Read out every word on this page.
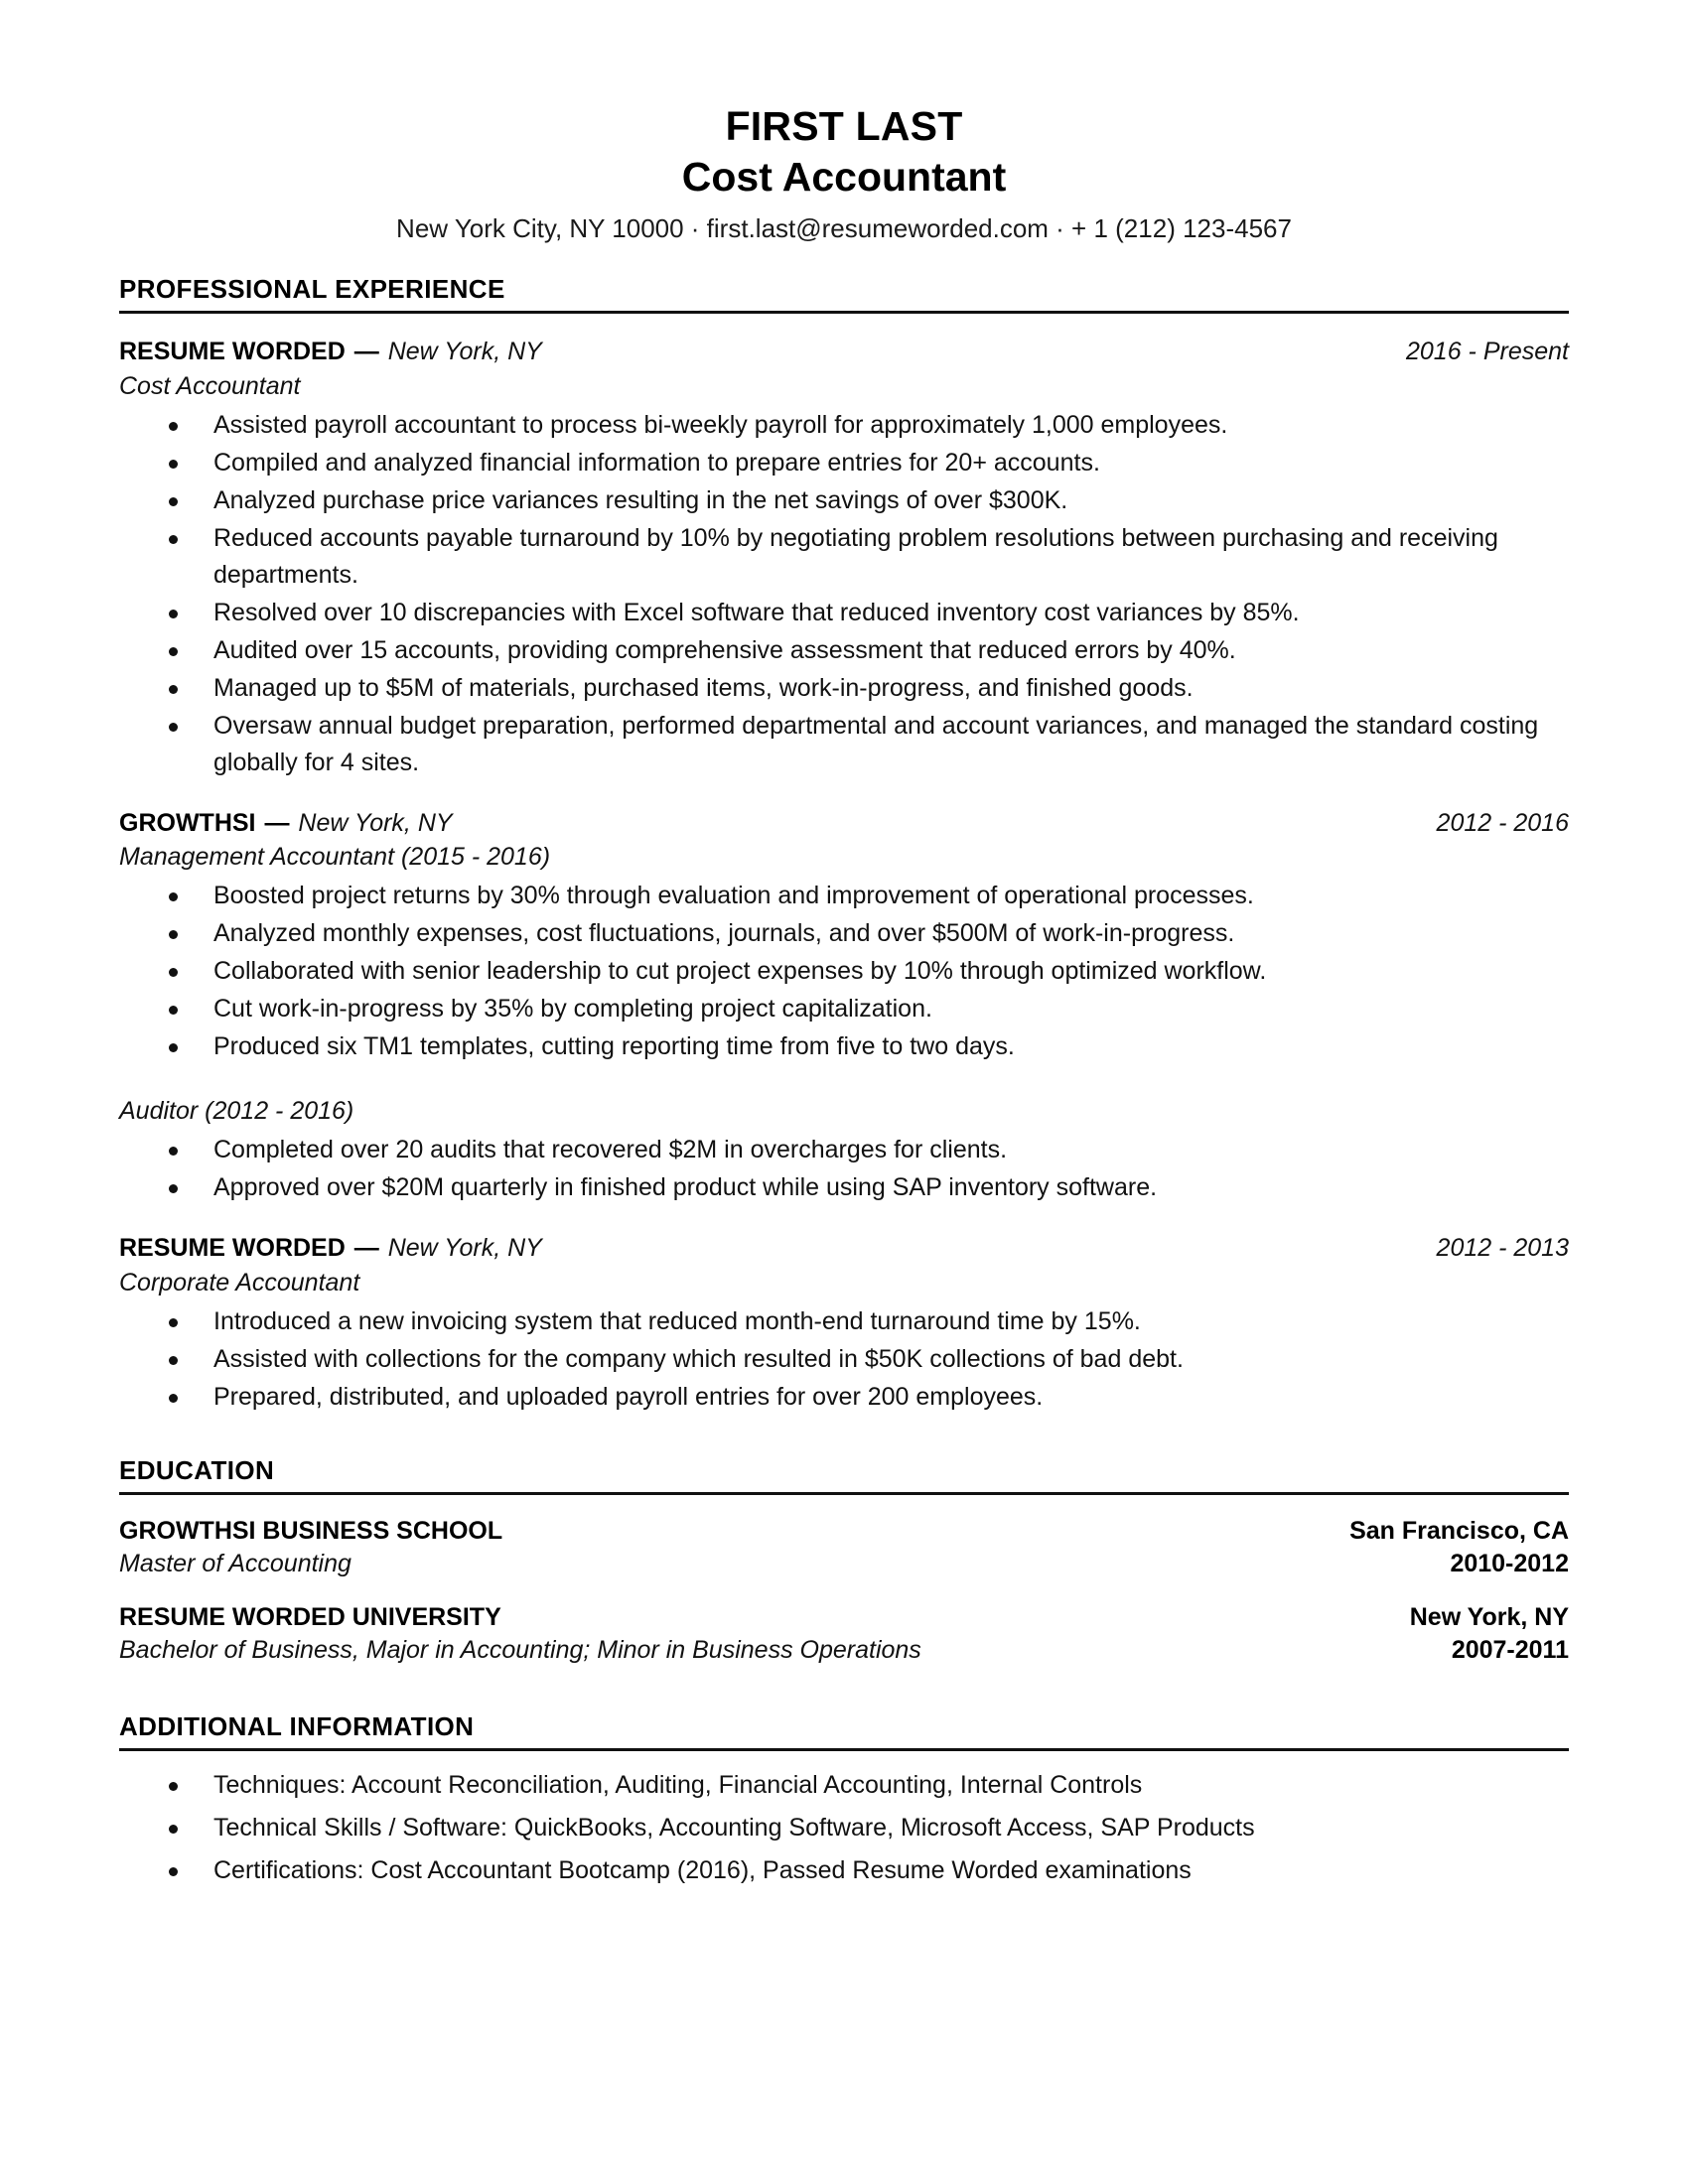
FIRST LAST
Cost Accountant
New York City, NY 10000 · first.last@resumeworded.com · + 1 (212) 123-4567
PROFESSIONAL EXPERIENCE
RESUME WORDED — New York, NY	2016 - Present
Cost Accountant
Assisted payroll accountant to process bi-weekly payroll for approximately 1,000 employees.
Compiled and analyzed financial information to prepare entries for 20+ accounts.
Analyzed purchase price variances resulting in the net savings of over $300K.
Reduced accounts payable turnaround by 10% by negotiating problem resolutions between purchasing and receiving departments.
Resolved over 10 discrepancies with Excel software that reduced inventory cost variances by 85%.
Audited over 15 accounts, providing comprehensive assessment that reduced errors by 40%.
Managed up to $5M of materials, purchased items, work-in-progress, and finished goods.
Oversaw annual budget preparation, performed departmental and account variances, and managed the standard costing globally for 4 sites.
GROWTHSI — New York, NY	2012 - 2016
Management Accountant (2015 - 2016)
Boosted project returns by 30% through evaluation and improvement of operational processes.
Analyzed monthly expenses, cost fluctuations, journals, and over $500M of work-in-progress.
Collaborated with senior leadership to cut project expenses by 10% through optimized workflow.
Cut work-in-progress by 35% by completing project capitalization.
Produced six TM1 templates, cutting reporting time from five to two days.
Auditor (2012 - 2016)
Completed over 20 audits that recovered $2M in overcharges for clients.
Approved over $20M quarterly in finished product while using SAP inventory software.
RESUME WORDED — New York, NY	2012 - 2013
Corporate Accountant
Introduced a new invoicing system that reduced month-end turnaround time by 15%.
Assisted with collections for the company which resulted in $50K collections of bad debt.
Prepared, distributed, and uploaded payroll entries for over 200 employees.
EDUCATION
GROWTHSI BUSINESS SCHOOL	San Francisco, CA
Master of Accounting	2010-2012
RESUME WORDED UNIVERSITY	New York, NY
Bachelor of Business, Major in Accounting; Minor in Business Operations	2007-2011
ADDITIONAL INFORMATION
Techniques: Account Reconciliation, Auditing, Financial Accounting, Internal Controls
Technical Skills / Software: QuickBooks, Accounting Software, Microsoft Access, SAP Products
Certifications: Cost Accountant Bootcamp (2016), Passed Resume Worded examinations
